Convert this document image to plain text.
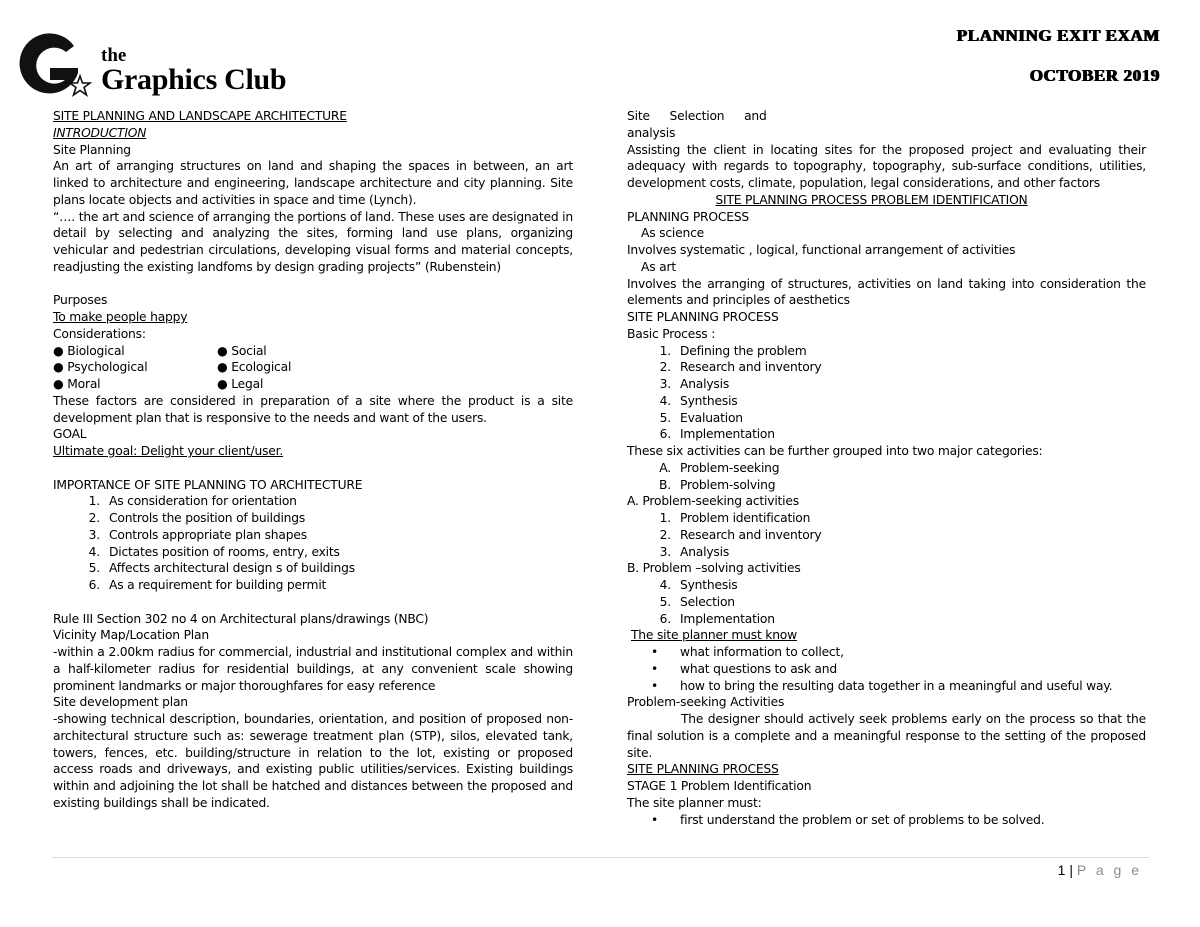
the
Graphics Club
PLANNING EXIT EXAM
OCTOBER 2019

SITE PLANNING AND LANDSCAPE ARCHITECTURE

INTRODUCTION

Site Planning

An art of arranging structures on land and shaping the spaces in between, an art linked to architecture and engineering, landscape architecture and city planning. Site plans locate objects and activities in space and time (Lynch).

“…. the art and science of arranging the portions of land. These uses are designated in detail by selecting and analyzing the sites, forming land use plans, organizing vehicular and pedestrian circulations, developing visual forms and material concepts, readjusting the existing landfoms by design grading projects” (Rubenstein)

Purposes

To make people happy

Considerations:

● Biological	● Social
● Psychological	● Ecological
● Moral	● Legal

These factors are considered in preparation of a site where the product is a site development plan that is responsive to the needs and want of the users.

GOAL

Ultimate goal: Delight your client/user.

IMPORTANCE OF SITE PLANNING TO ARCHITECTURE

1. As consideration for orientation
2. Controls the position of buildings
3. Controls appropriate plan shapes
4. Dictates position of rooms, entry, exits
5. Affects architectural design s of buildings
6. As a requirement for building permit

Rule III Section 302 no 4 on Architectural plans/drawings (NBC)

Vicinity Map/Location Plan

-within a 2.00km radius for commercial, industrial and institutional complex and within a half-kilometer radius for residential buildings, at any convenient scale showing prominent landmarks or major thoroughfares for easy reference

Site development plan

-showing technical description, boundaries, orientation, and position of proposed non- architectural structure such as: sewerage treatment plan (STP), silos, elevated tank, towers, fences, etc. building/structure in relation to the lot, existing or proposed access roads and driveways, and existing public utilities/services. Existing buildings within and adjoining the lot shall be hatched and distances between the proposed and existing buildings shall be indicated.

Site Selection and

analysis

Assisting the client in locating sites for the proposed project and evaluating their adequacy with regards to topography, topography, sub-surface conditions, utilities, development costs, climate, population, legal considerations, and other factors

SITE PLANNING PROCESS PROBLEM IDENTIFICATION

PLANNING PROCESS

As science

Involves systematic , logical, functional arrangement of activities

As art

Involves the arranging of structures, activities on land taking into consideration the elements and principles of aesthetics

SITE PLANNING PROCESS

Basic Process :

1. Defining the problem
2. Research and inventory
3. Analysis
4. Synthesis
5. Evaluation
6. Implementation

These six activities can be further grouped into two major categories:

A. Problem-seeking
B. Problem-solving

A. Problem-seeking activities

1. Problem identification
2. Research and inventory
3. Analysis

B. Problem –solving activities

4. Synthesis
5. Selection
6. Implementation

The site planner must know

•	what information to collect,
•	what questions to ask and
•	how to bring the resulting data together in a meaningful and useful way.

Problem-seeking Activities

The designer should actively seek problems early on the process so that the final solution is a complete and a meaningful response to the setting of the proposed site.

SITE PLANNING PROCESS

STAGE 1 Problem Identification

The site planner must:

•	first understand the problem or set of problems to be solved.
1 | P a g e
